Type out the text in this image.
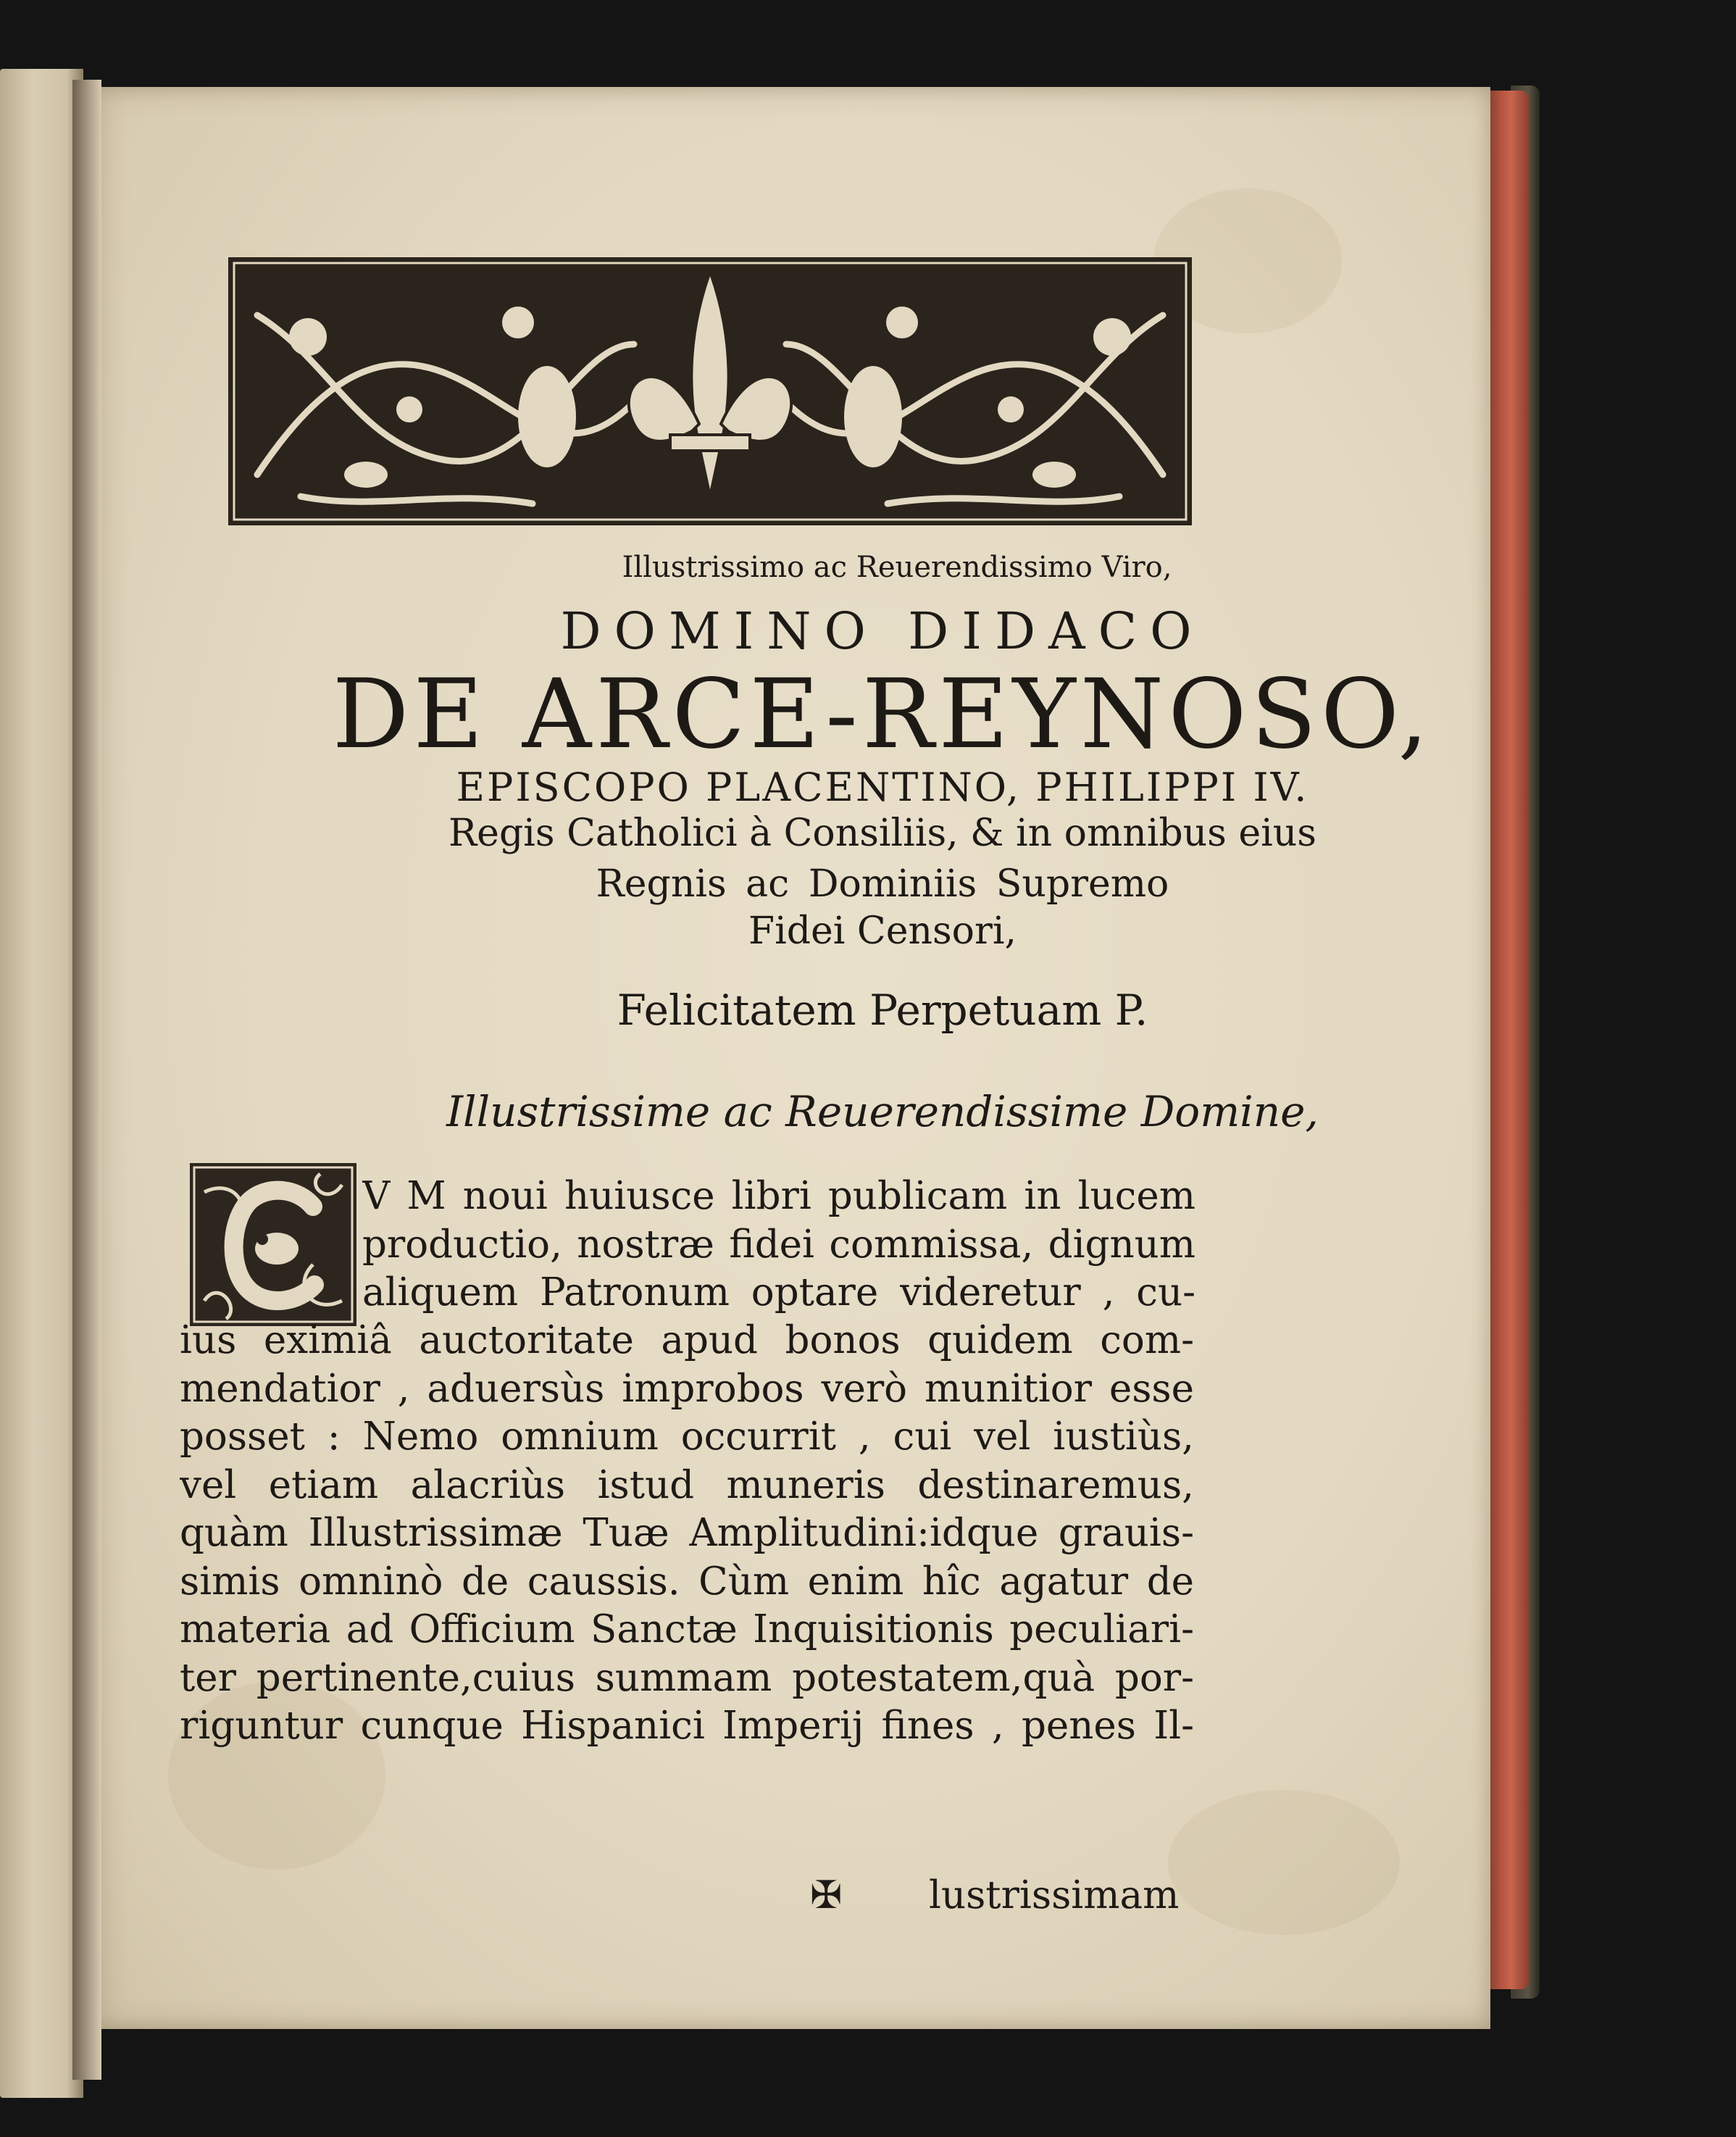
Illustrissimo ac Reuerendissimo Viro,
DOMINO DIDACO
DE ARCE-REYNOSO,
EPISCOPO PLACENTINO, PHILIPPI IV.
Regis Catholici à Consiliis, & in omnibus eius
Regnis ac Dominiis Supremo
Fidei Censori,
Felicitatem Perpetuam P.
Illustrissime ac Reuerendissime Domine,
V M noui huiusce libri publicam in lucem
productio, nostræ fidei commissa, dignum
aliquem Patronum optare videretur , cu-
ius eximiâ auctoritate apud bonos quidem com-
mendatior , aduersùs improbos verò munitior esse
posset : Nemo omnium occurrit , cui vel iustiùs,
vel etiam alacriùs istud muneris destinaremus,
quàm Illustrissimæ Tuæ Amplitudini:idque grauis-
simis omninò de caussis. Cùm enim hîc agatur de
materia ad Officium Sanctæ Inquisitionis peculiari-
ter pertinente,cuius summam potestatem,quà por-
riguntur cunque Hispanici Imperij fines , penes Il-
✠ lustrissimam
